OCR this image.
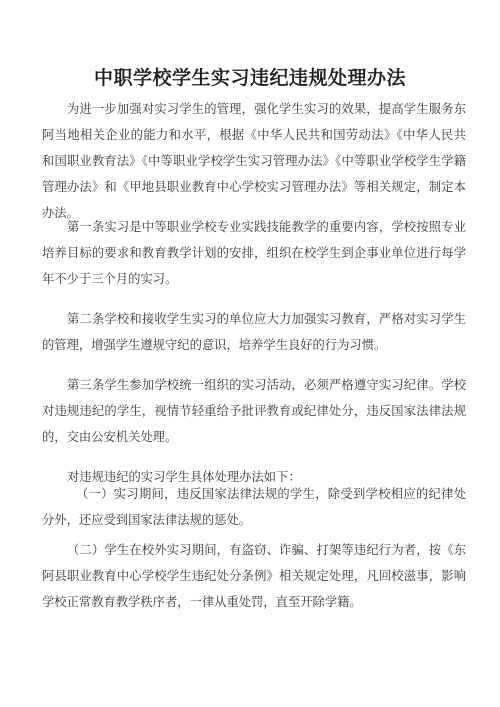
中职学校学生实习违纪违规处理办法

为进一步加强对实习学生的管理，强化学生实习的效果，提高学生服务东阿当地相关企业的能力和水平，根据《中华人民共和国劳动法》《中华人民共和国职业教育法》《中等职业学校学生实习管理办法》《中等职业学校学生学籍管理办法》和《甲地县职业教育中心学校实习管理办法》等相关规定，制定本办法。

第一条实习是中等职业学校专业实践技能教学的重要内容，学校按照专业培养目标的要求和教育教学计划的安排，组织在校学生到企事业单位进行每学年不少于三个月的实习。

第二条学校和接收学生实习的单位应大力加强实习教育，严格对实习学生的管理，增强学生遵规守纪的意识，培养学生良好的行为习惯。

第三条学生参加学校统一组织的实习活动，必须严格遵守实习纪律。学校对违规违纪的学生，视情节轻重给予批评教育或纪律处分，违反国家法律法规的，交由公安机关处理。

对违规违纪的实习学生具体处理办法如下：

（一）实习期间，违反国家法律法规的学生，除受到学校相应的纪律处分外，还应受到国家法律法规的惩处。

（二）学生在校外实习期间，有盗窃、诈骗、打架等违纪行为者，按《东阿县职业教育中心学校学生违纪处分条例》相关规定处理，凡回校滋事，影响学校正常教育教学秩序者，一律从重处罚，直至开除学籍。
